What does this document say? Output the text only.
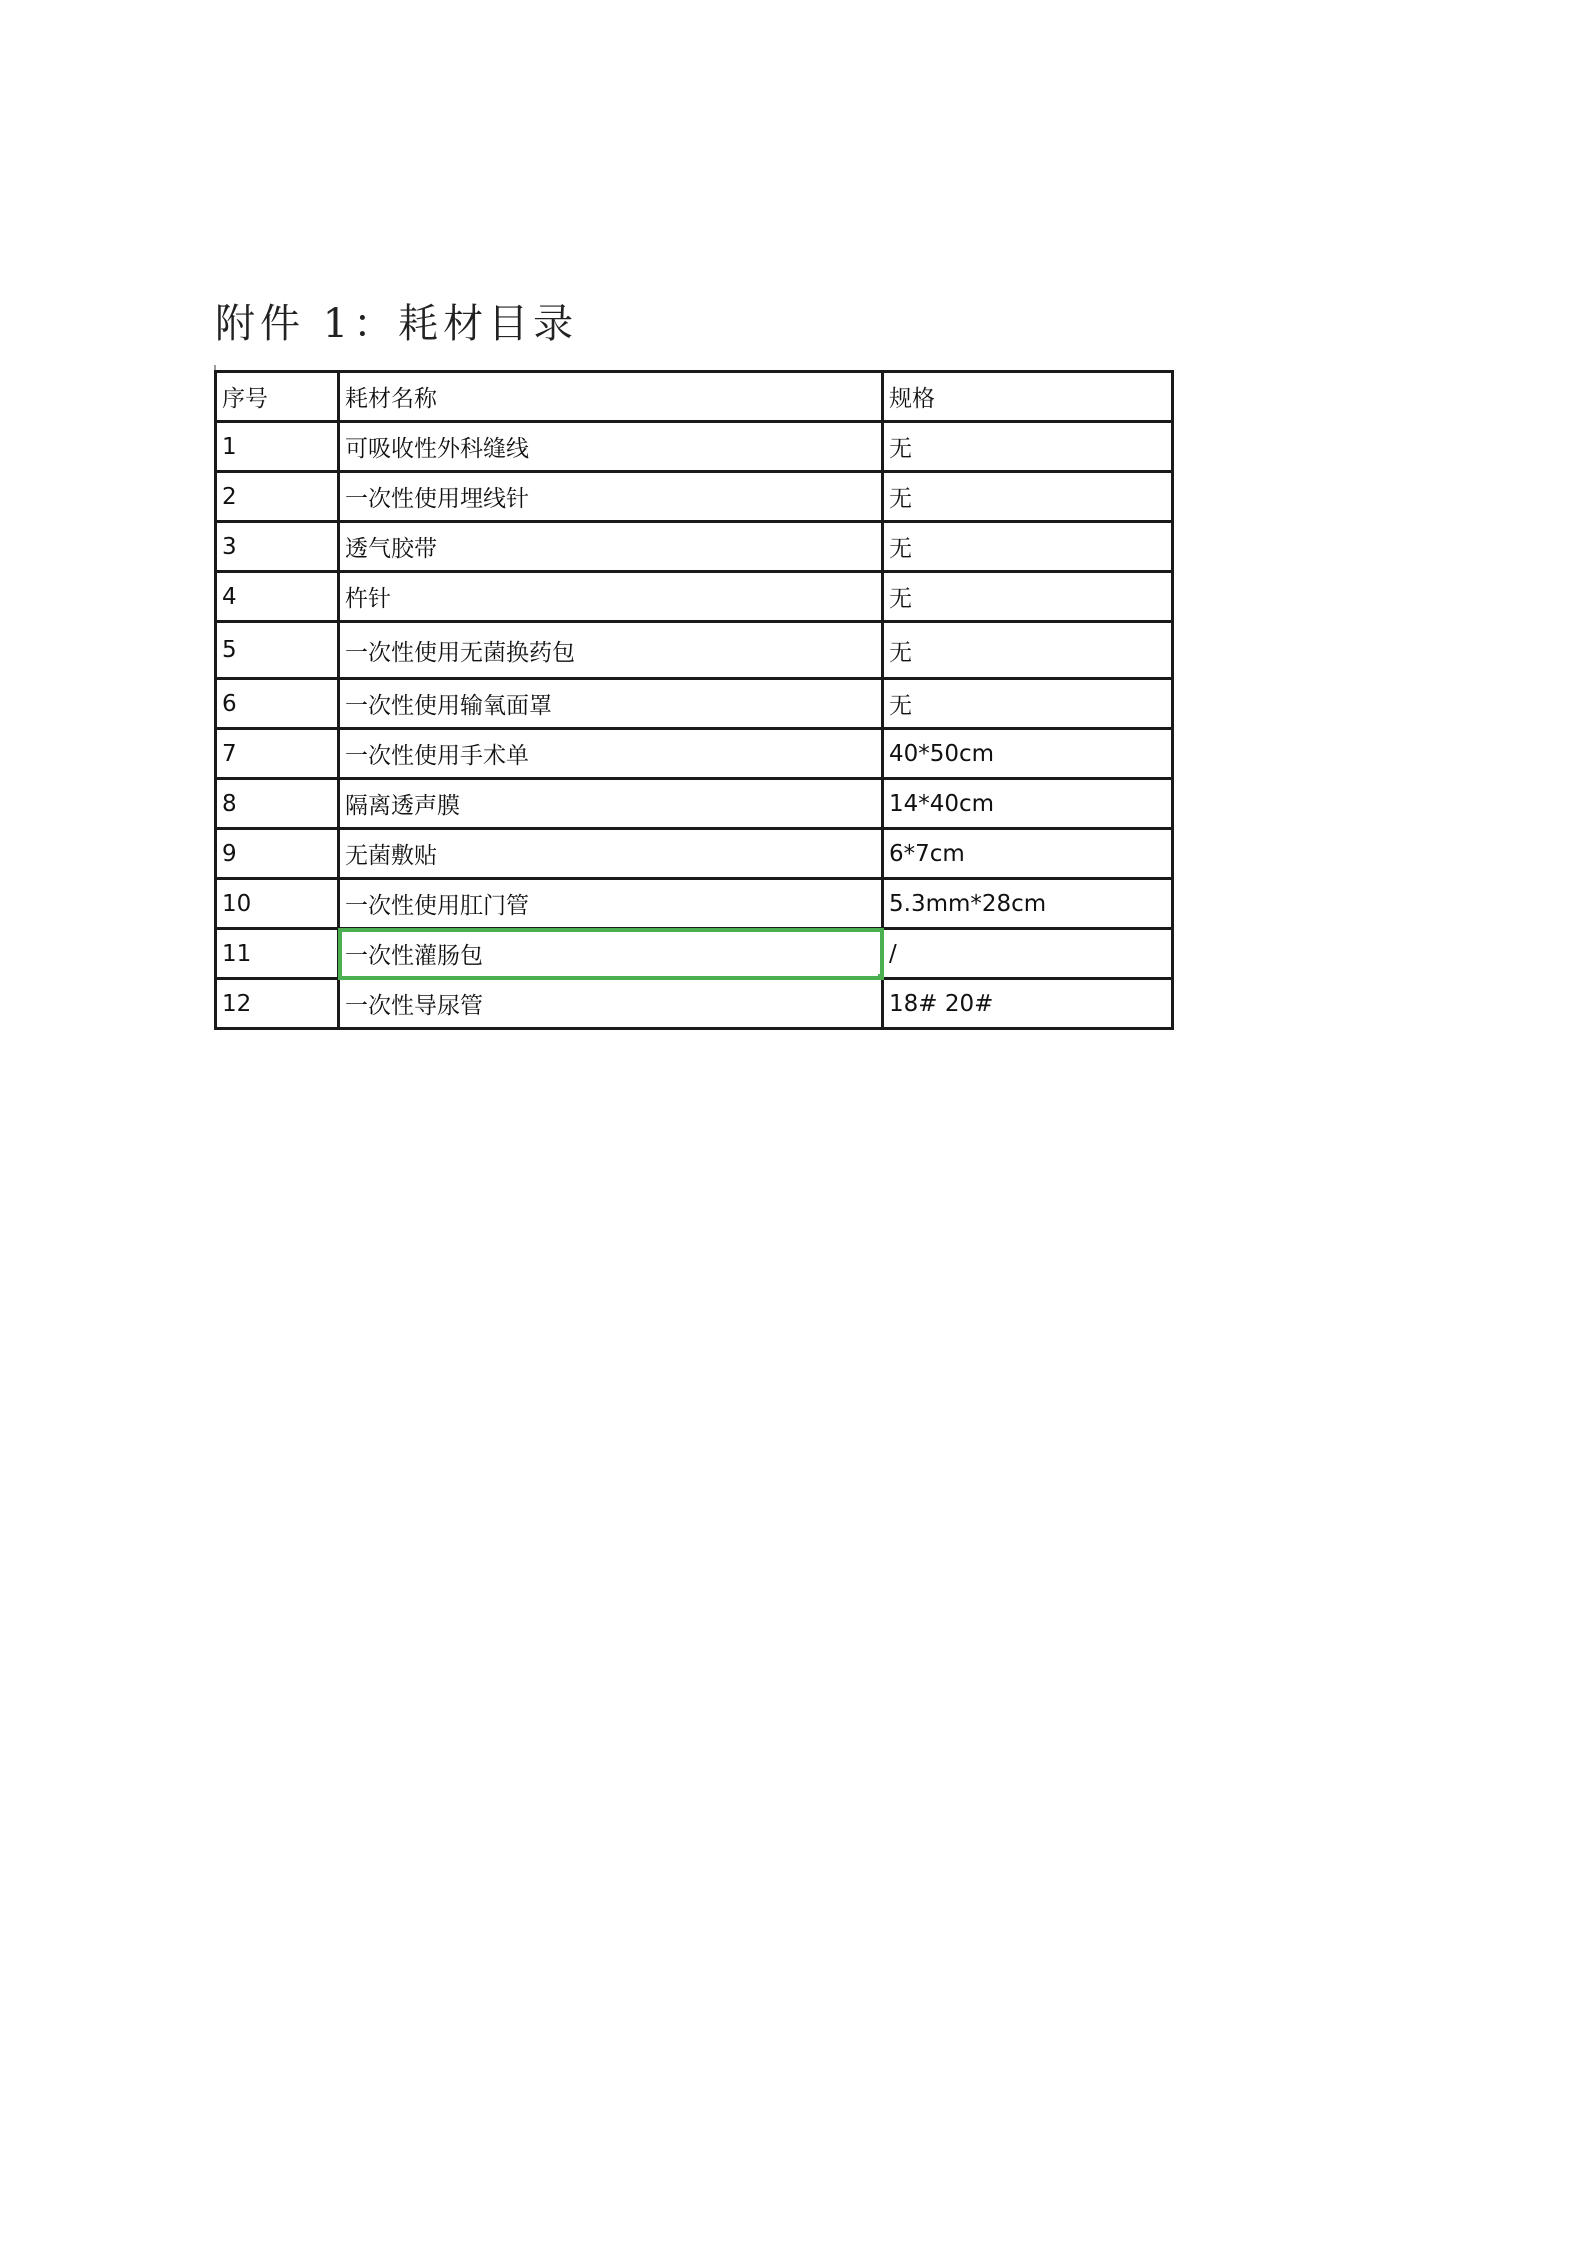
附件 1：耗材目录
序号	耗材名称	规格
1	可吸收性外科缝线	无
2	一次性使用埋线针	无
3	透气胶带	无
4	杵针	无
5	一次性使用无菌换药包	无
6	一次性使用输氧面罩	无
7	一次性使用手术单	40*50cm
8	隔离透声膜	14*40cm
9	无菌敷贴	6*7cm
10	一次性使用肛门管	5.3mm*28cm
11	一次性灌肠包	/
12	一次性导尿管	18# 20#
